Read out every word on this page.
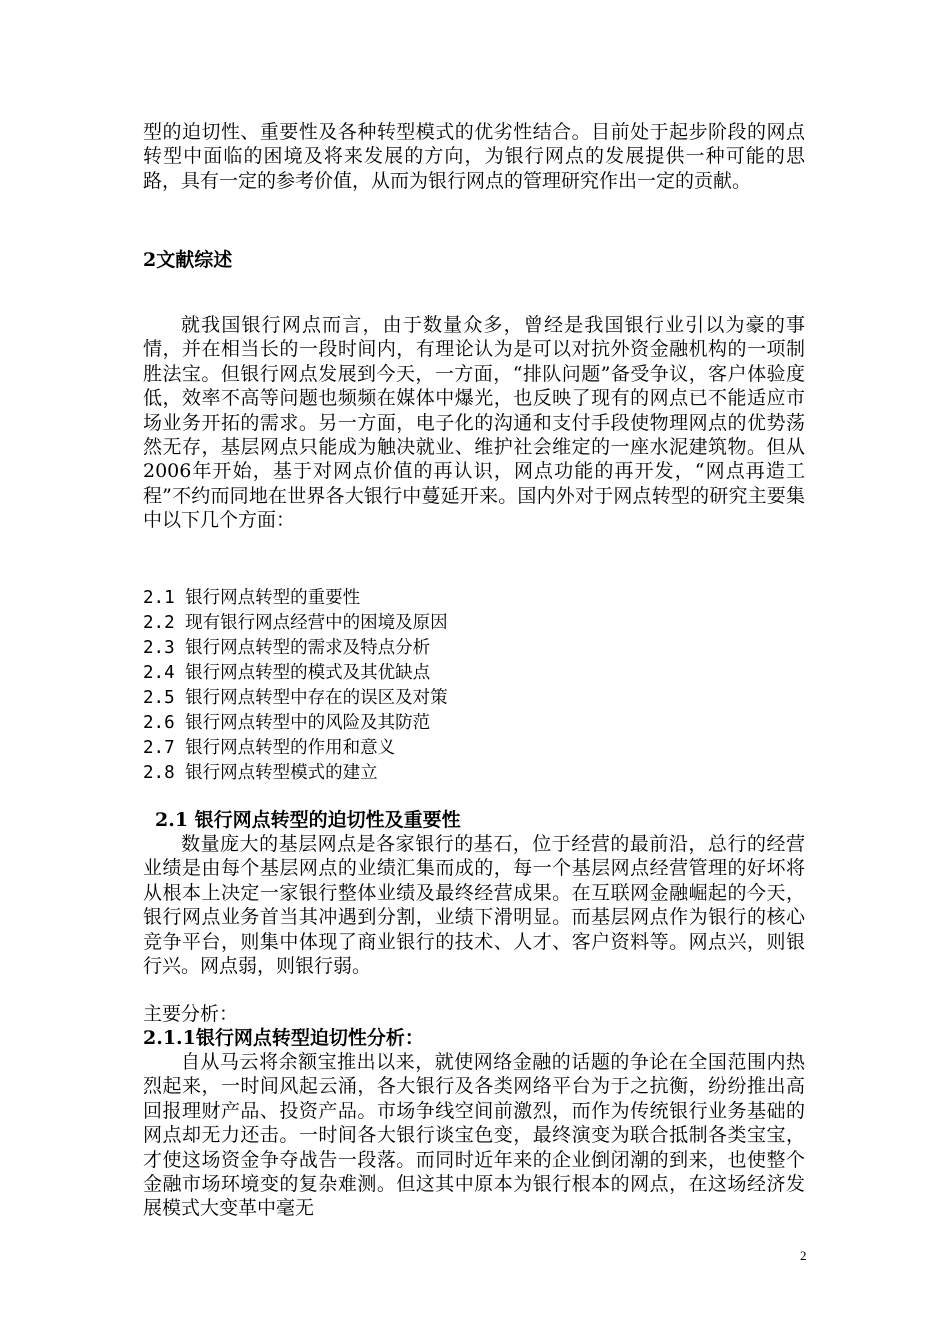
型的迫切性、重要性及各种转型模式的优劣性结合。目前处于起步阶段的网点转型中面临的困境及将来发展的方向，为银行网点的发展提供一种可能的思路，具有一定的参考价值，从而为银行网点的管理研究作出一定的贡献。

2文献综述

就我国银行网点而言，由于数量众多，曾经是我国银行业引以为豪的事情，并在相当长的一段时间内，有理论认为是可以对抗外资金融机构的一项制胜法宝。但银行网点发展到今天，一方面，“排队问题”备受争议，客户体验度低，效率不高等问题也频频在媒体中爆光，也反映了现有的网点已不能适应市场业务开拓的需求。另一方面，电子化的沟通和支付手段使物理网点的优势荡然无存，基层网点只能成为触决就业、维护社会维定的一座水泥建筑物。但从2006年开始，基于对网点价值的再认识，网点功能的再开发，“网点再造工程”不约而同地在世界各大银行中蔓延开来。国内外对于网点转型的研究主要集中以下几个方面：

2.1 银行网点转型的重要性
2.2 现有银行网点经营中的困境及原因
2.3 银行网点转型的需求及特点分析
2.4 银行网点转型的模式及其优缺点
2.5 银行网点转型中存在的误区及对策
2.6 银行网点转型中的风险及其防范
2.7 银行网点转型的作用和意义
2.8 银行网点转型模式的建立
2.1 银行网点转型的迫切性及重要性

数量庞大的基层网点是各家银行的基石，位于经营的最前沿，总行的经营业绩是由每个基层网点的业绩汇集而成的，每一个基层网点经营管理的好坏将从根本上决定一家银行整体业绩及最终经营成果。在互联网金融崛起的今天，银行网点业务首当其冲遇到分割，业绩下滑明显。而基层网点作为银行的核心竞争平台，则集中体现了商业银行的技术、人才、客户资料等。网点兴，则银行兴。网点弱，则银行弱。

主要分析：

2.1.1银行网点转型迫切性分析：

自从马云将余额宝推出以来，就使网络金融的话题的争论在全国范围内热烈起来，一时间风起云涌，各大银行及各类网络平台为于之抗衡，纷纷推出高回报理财产品、投资产品。市场争线空间前激烈，而作为传统银行业务基础的网点却无力还击。一时间各大银行谈宝色变，最终演变为联合抵制各类宝宝，才使这场资金争夺战告一段落。而同时近年来的企业倒闭潮的到来，也使整个金融市场环境变的复杂难测。但这其中原本为银行根本的网点，在这场经济发展模式大变革中毫无

2
